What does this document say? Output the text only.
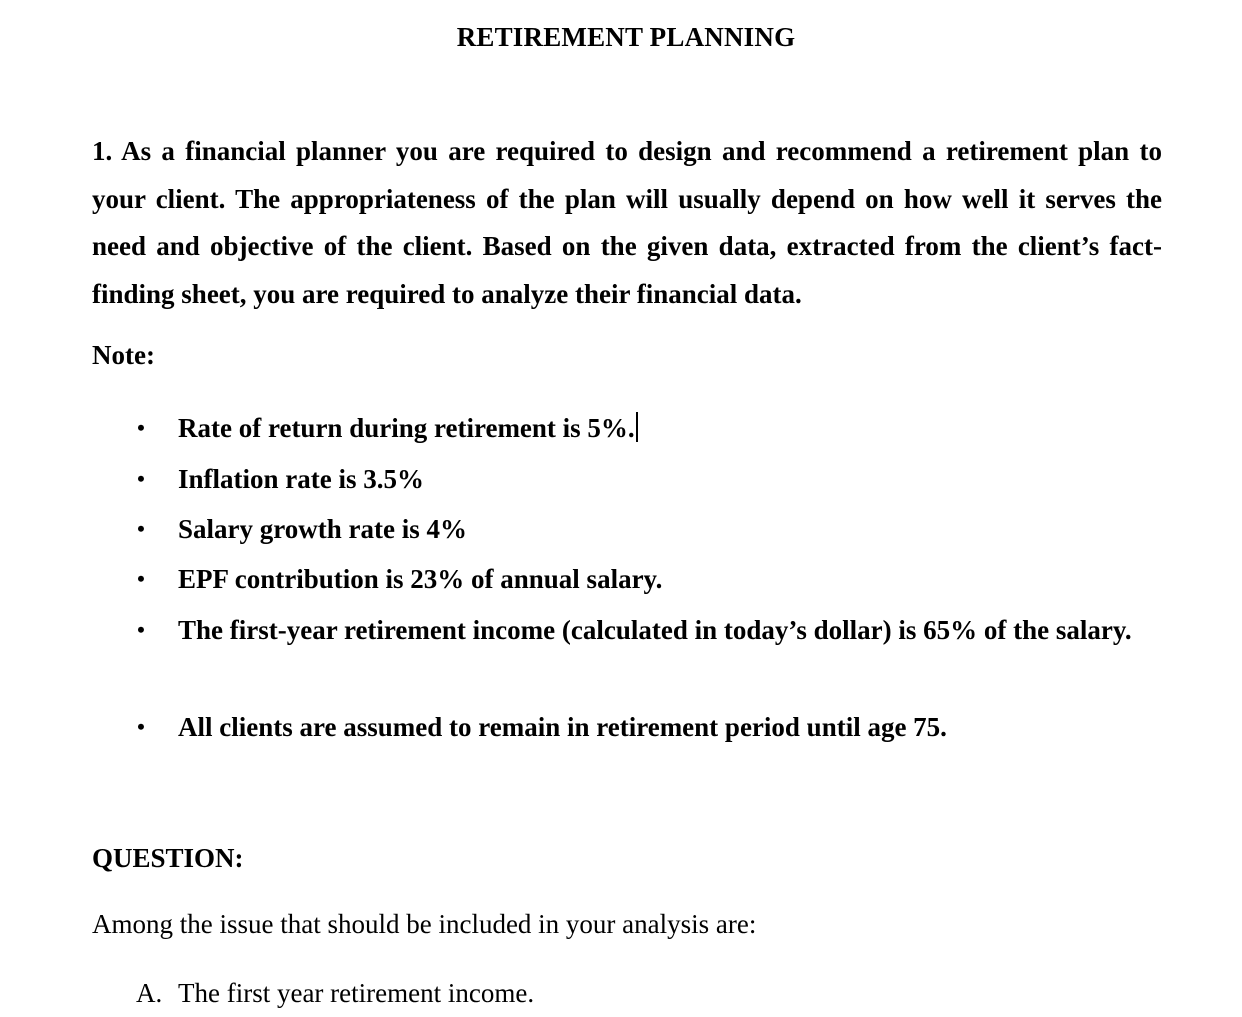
RETIREMENT PLANNING
1. As a financial planner you are required to design and recommend a retirement plan to your client. The appropriateness of the plan will usually depend on how well it serves the need and objective of the client. Based on the given data, extracted from the client’s fact-finding sheet, you are required to analyze their financial data.
Note:
• Rate of return during retirement is 5%.
• Inflation rate is 3.5%
• Salary growth rate is 4%
• EPF contribution is 23% of annual salary.
• The first-year retirement income (calculated in today’s dollar) is 65% of the salary.
• All clients are assumed to remain in retirement period until age 75.
QUESTION:
Among the issue that should be included in your analysis are:
A. The first year retirement income.
